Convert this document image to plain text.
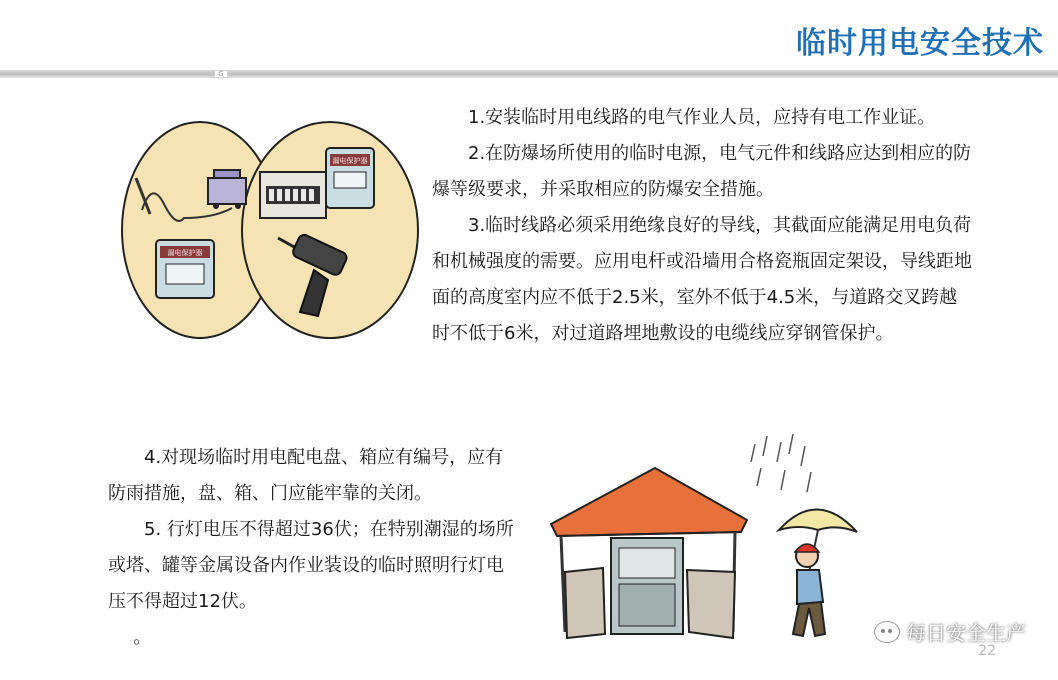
临时用电安全技术
G
漏电保护器
漏电保护器

1.安装临时用电线路的电气作业人员，应持有电工作业证。

2.在防爆场所使用的临时电源，电气元件和线路应达到相应的防爆等级要求，并采取相应的防爆安全措施。

3.临时线路必须采用绝缘良好的导线，其截面应能满足用电负荷和机械强度的需要。应用电杆或沿墙用合格瓷瓶固定架设，导线距地面的高度室内应不低于2.5米，室外不低于4.5米，与道路交叉跨越时不低于6米，对过道路埋地敷设的电缆线应穿钢管保护。

4.对现场临时用电配电盘、箱应有编号，应有防雨措施，盘、箱、门应能牢靠的关闭。

5. 行灯电压不得超过36伏；在特别潮湿的场所或塔、罐等金属设备内作业装设的临时照明行灯电压不得超过12伏。

。	每日安全生产
22
